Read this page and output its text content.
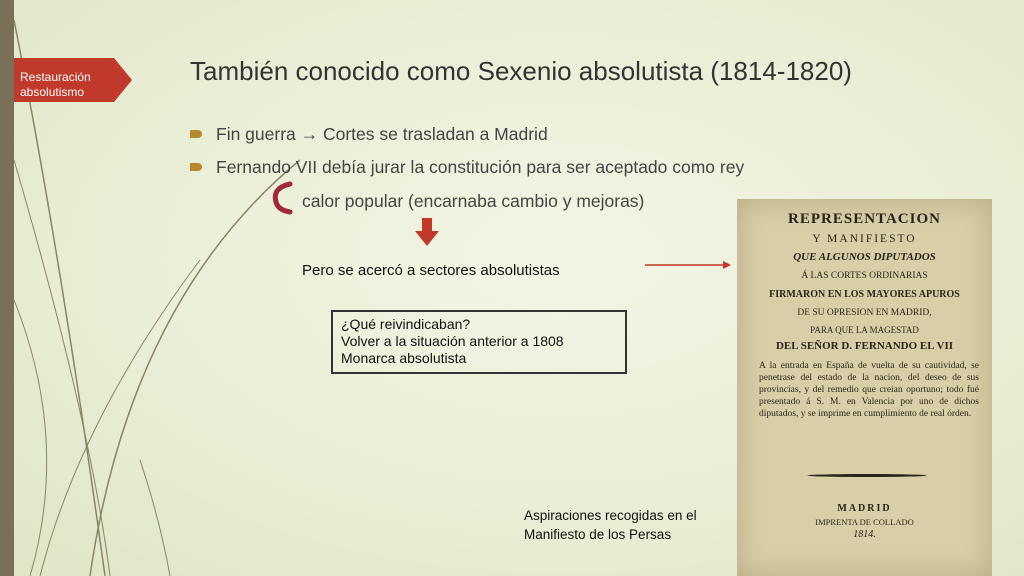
Restauración
absolutismo
También conocido como Sexenio absolutista (1814-1820)
Fin guerra → Cortes se trasladan a Madrid
Fernando VII debía jurar la constitución para ser aceptado como rey
calor popular (encarnaba cambio y mejoras)
Pero se acercó a sectores absolutistas
¿Qué reivindicaban?
Volver a la situación anterior a 1808
Monarca absolutista
REPRESENTACION
Y MANIFIESTO
QUE ALGUNOS DIPUTADOS
Á LAS CORTES ORDINARIAS
FIRMARON EN LOS MAYORES APUROS
DE SU OPRESION EN MADRID,
PARA QUE LA MAGESTAD
DEL SEÑOR D. FERNANDO EL VII
A la entrada en España de vuelta de su cautividad, se penetrase del estado de la nacion, del deseo de sus provincias, y del remedio que creian oportuno; todo fué presentado á S. M. en Valencia por uno de dichos diputados, y se imprime en cumplimiento de real órden.
MADRID
IMPRENTA DE COLLADO
1814.
Aspiraciones recogidas en el
Manifiesto de los Persas
